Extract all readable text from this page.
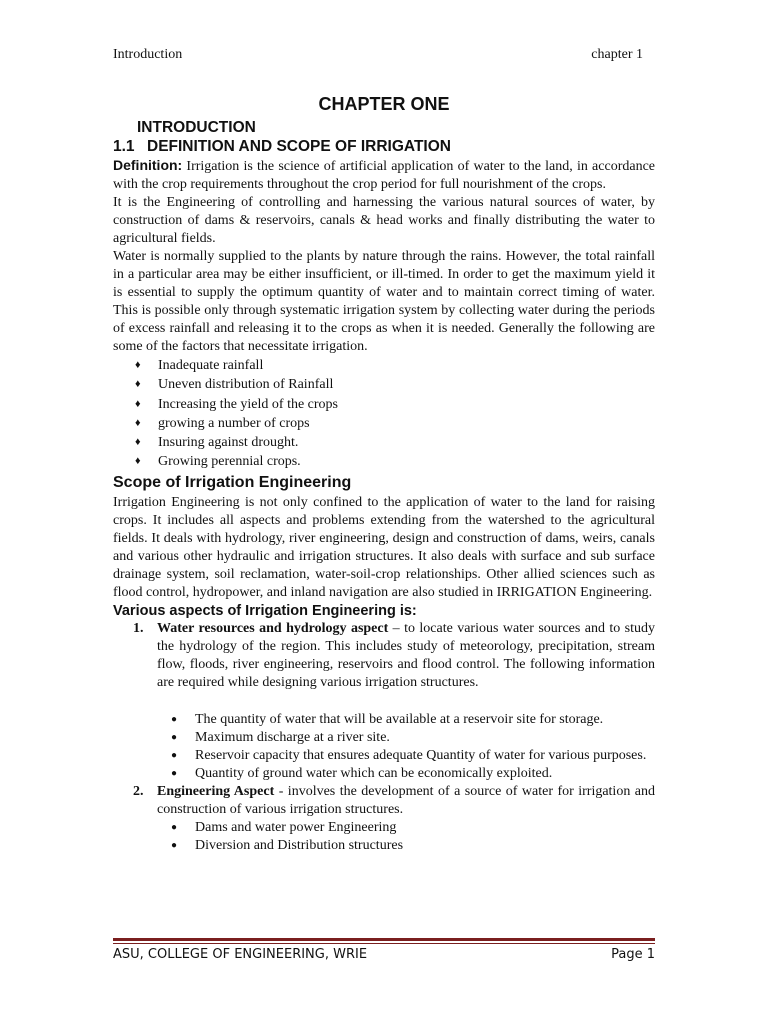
Introduction	chapter 1
CHAPTER ONE
INTRODUCTION
1.1 DEFINITION AND SCOPE OF IRRIGATION

Definition: Irrigation is the science of artificial application of water to the land, in accordance with the crop requirements throughout the crop period for full nourishment of the crops.

It is the Engineering of controlling and harnessing the various natural sources of water, by construction of dams & reservoirs, canals & head works and finally distributing the water to agricultural fields.

Water is normally supplied to the plants by nature through the rains. However, the total rainfall in a particular area may be either insufficient, or ill-timed. In order to get the maximum yield it is essential to supply the optimum quantity of water and to maintain correct timing of water. This is possible only through systematic irrigation system by collecting water during the periods of excess rainfall and releasing it to the crops as when it is needed. Generally the following are some of the factors that necessitate irrigation.

♦ Inadequate rainfall
♦ Uneven distribution of Rainfall
♦ Increasing the yield of the crops
♦ growing a number of crops
♦ Insuring against drought.
♦ Growing perennial crops.
Scope of Irrigation Engineering

Irrigation Engineering is not only confined to the application of water to the land for raising crops. It includes all aspects and problems extending from the watershed to the agricultural fields. It deals with hydrology, river engineering, design and construction of dams, weirs, canals and various other hydraulic and irrigation structures. It also deals with surface and sub surface drainage system, soil reclamation, water-soil-crop relationships. Other allied sciences such as flood control, hydropower, and inland navigation are also studied in IRRIGATION Engineering.

Various aspects of Irrigation Engineering is:
1. Water resources and hydrology aspect – to locate various water sources and to study the hydrology of the region. This includes study of meteorology, precipitation, stream flow, floods, river engineering, reservoirs and flood control. The following information are required while designing various irrigation structures.
● The quantity of water that will be available at a reservoir site for storage.
● Maximum discharge at a river site.
● Reservoir capacity that ensures adequate Quantity of water for various purposes.
● Quantity of ground water which can be economically exploited.
2. Engineering Aspect - involves the development of a source of water for irrigation and construction of various irrigation structures.
● Dams and water power Engineering
● Diversion and Distribution structures
ASU, COLLEGE OF ENGINEERING, WRIE	Page 1
